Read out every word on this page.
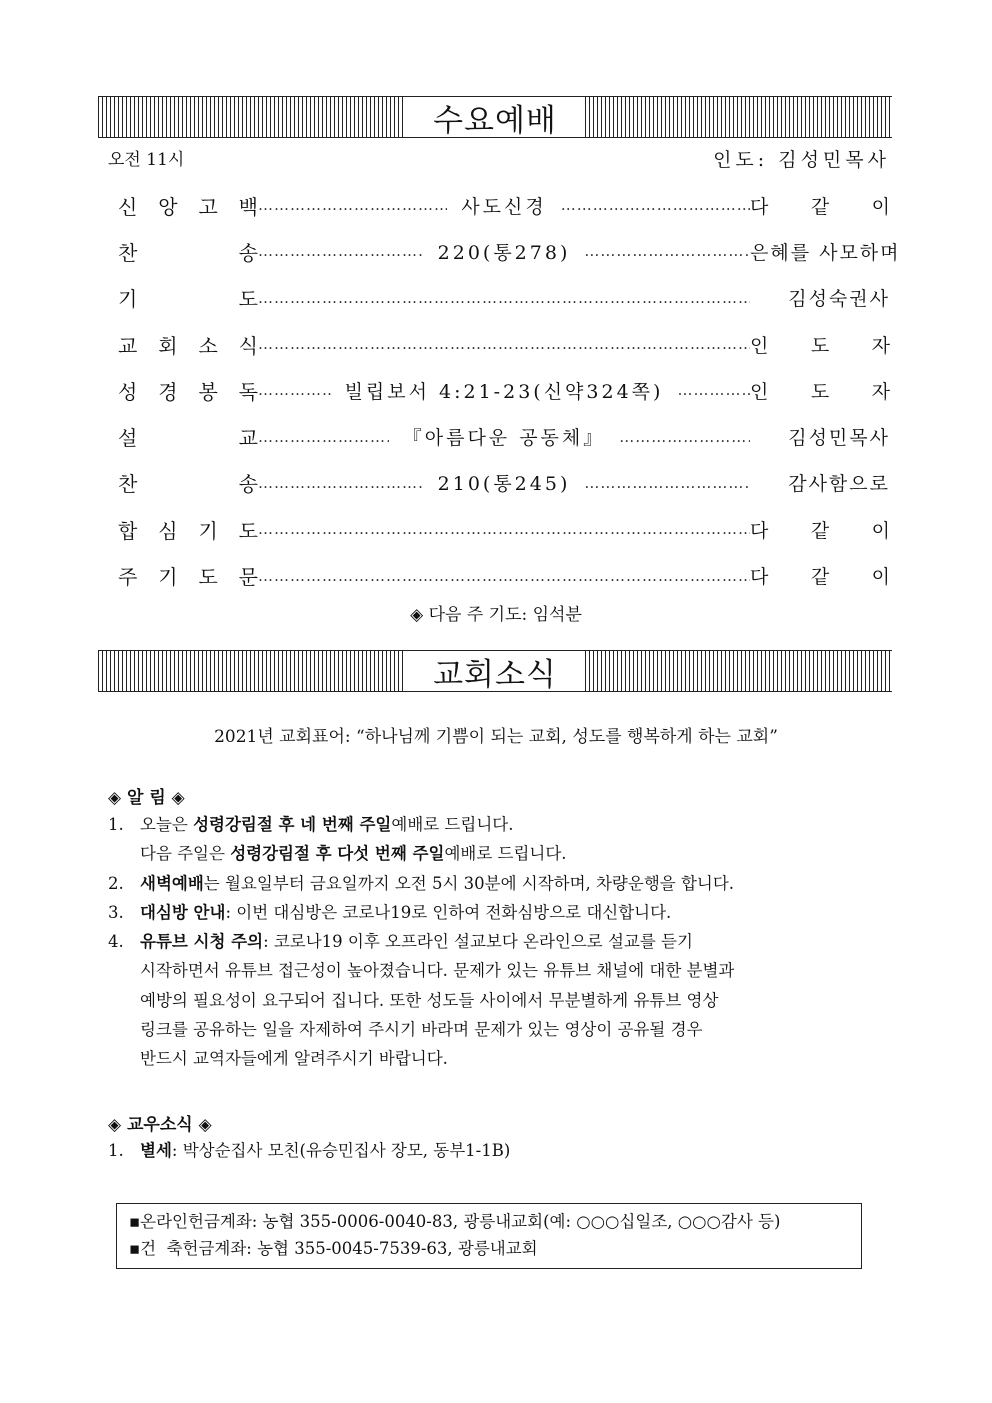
수요예배
오전 11시	인도: 김성민목사
신 앙 고 백 …………………………………………………………………………………………………………………………………	사도신경 …………………………………………………………………………………………………………………………………	다 같 이
찬	송 …………………………………………………………………………………………………………………………………	220(통278) …………………………………………………………………………………………………………………………………	은혜를 사모하며
기	도 …………………………………………………………………………………………………………………………………	김성숙권사
교 회 소 식 …………………………………………………………………………………………………………………………………	인 도 자
성 경 봉 독 …………………………………………………………………………………………………………………………………	빌립보서 4:21-23(신약324쪽) …………………………………………………………………………………………………………………………………	인 도 자
설	교 …………………………………………………………………………………………………………………………………	『아름다운 공동체』 …………………………………………………………………………………………………………………………………	김성민목사
찬	송 …………………………………………………………………………………………………………………………………	210(통245) …………………………………………………………………………………………………………………………………	감사함으로
합 심 기 도 …………………………………………………………………………………………………………………………………	다 같 이
주 기 도 문 …………………………………………………………………………………………………………………………………	다 같 이
◈ 다음 주 기도: 임석분
교회소식
2021년 교회표어: “하나님께 기쁨이 되는 교회, 성도를 행복하게 하는 교회”
◈ 알 림 ◈
1. 오늘은 성령강림절 후 네 번째 주일예배로 드립니다.
다음 주일은 성령강림절 후 다섯 번째 주일예배로 드립니다.
2. 새벽예배는 월요일부터 금요일까지 오전 5시 30분에 시작하며, 차량운행을 합니다.
3. 대심방 안내: 이번 대심방은 코로나19로 인하여 전화심방으로 대신합니다.
4. 유튜브 시청 주의: 코로나19 이후 오프라인 설교보다 온라인으로 설교를 듣기
시작하면서 유튜브 접근성이 높아졌습니다. 문제가 있는 유튜브 채널에 대한 분별과
예방의 필요성이 요구되어 집니다. 또한 성도들 사이에서 무분별하게 유튜브 영상
링크를 공유하는 일을 자제하여 주시기 바라며 문제가 있는 영상이 공유될 경우
반드시 교역자들에게 알려주시기 바랍니다.
◈ 교우소식 ◈
1. 별세: 박상순집사 모친(유승민집사 장모, 동부1-1B)
▪온라인헌금계좌: 농협 355-0006-0040-83, 광릉내교회(예: ○○○십일조, ○○○감사 등)
▪건  축헌금계좌: 농협 355-0045-7539-63, 광릉내교회
